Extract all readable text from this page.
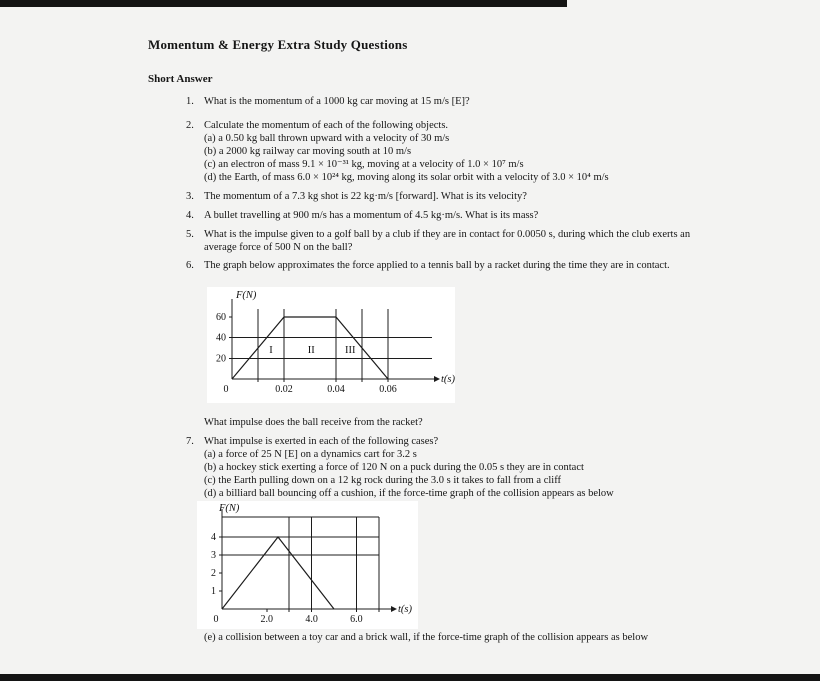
Momentum & Energy Extra Study Questions
Short Answer
1. What is the momentum of a 1000 kg car moving at 15 m/s [E]?
2. Calculate the momentum of each of the following objects.
(a) a 0.50 kg ball thrown upward with a velocity of 30 m/s
(b) a 2000 kg railway car moving south at 10 m/s
(c) an electron of mass 9.1 × 10⁻³¹ kg, moving at a velocity of 1.0 × 10⁷ m/s
(d) the Earth, of mass 6.0 × 10²⁴ kg, moving along its solar orbit with a velocity of 3.0 × 10⁴ m/s
3. The momentum of a 7.3 kg shot is 22 kg·m/s [forward]. What is its velocity?
4. A bullet travelling at 900 m/s has a momentum of 4.5 kg·m/s. What is its mass?
5. What is the impulse given to a golf ball by a club if they are in contact for 0.0050 s, during which the club exerts an average force of 500 N on the ball?
6. The graph below approximates the force applied to a tennis ball by a racket during the time they are in contact.
0	0.02	0.04	0.06
20
40
60
I	II	III
F(N)
t(s)
What impulse does the ball receive from the racket?
7. What impulse is exerted in each of the following cases?
(a) a force of 25 N [E] on a dynamics cart for 3.2 s
(b) a hockey stick exerting a force of 120 N on a puck during the 0.05 s they are in contact
(c) the Earth pulling down on a 12 kg rock during the 3.0 s it takes to fall from a cliff
(d) a billiard ball bouncing off a cushion, if the force-time graph of the collision appears as below
0	2.0	4.0	6.0
1
2
3
4
F(N)
t(s)
(e) a collision between a toy car and a brick wall, if the force-time graph of the collision appears as below
